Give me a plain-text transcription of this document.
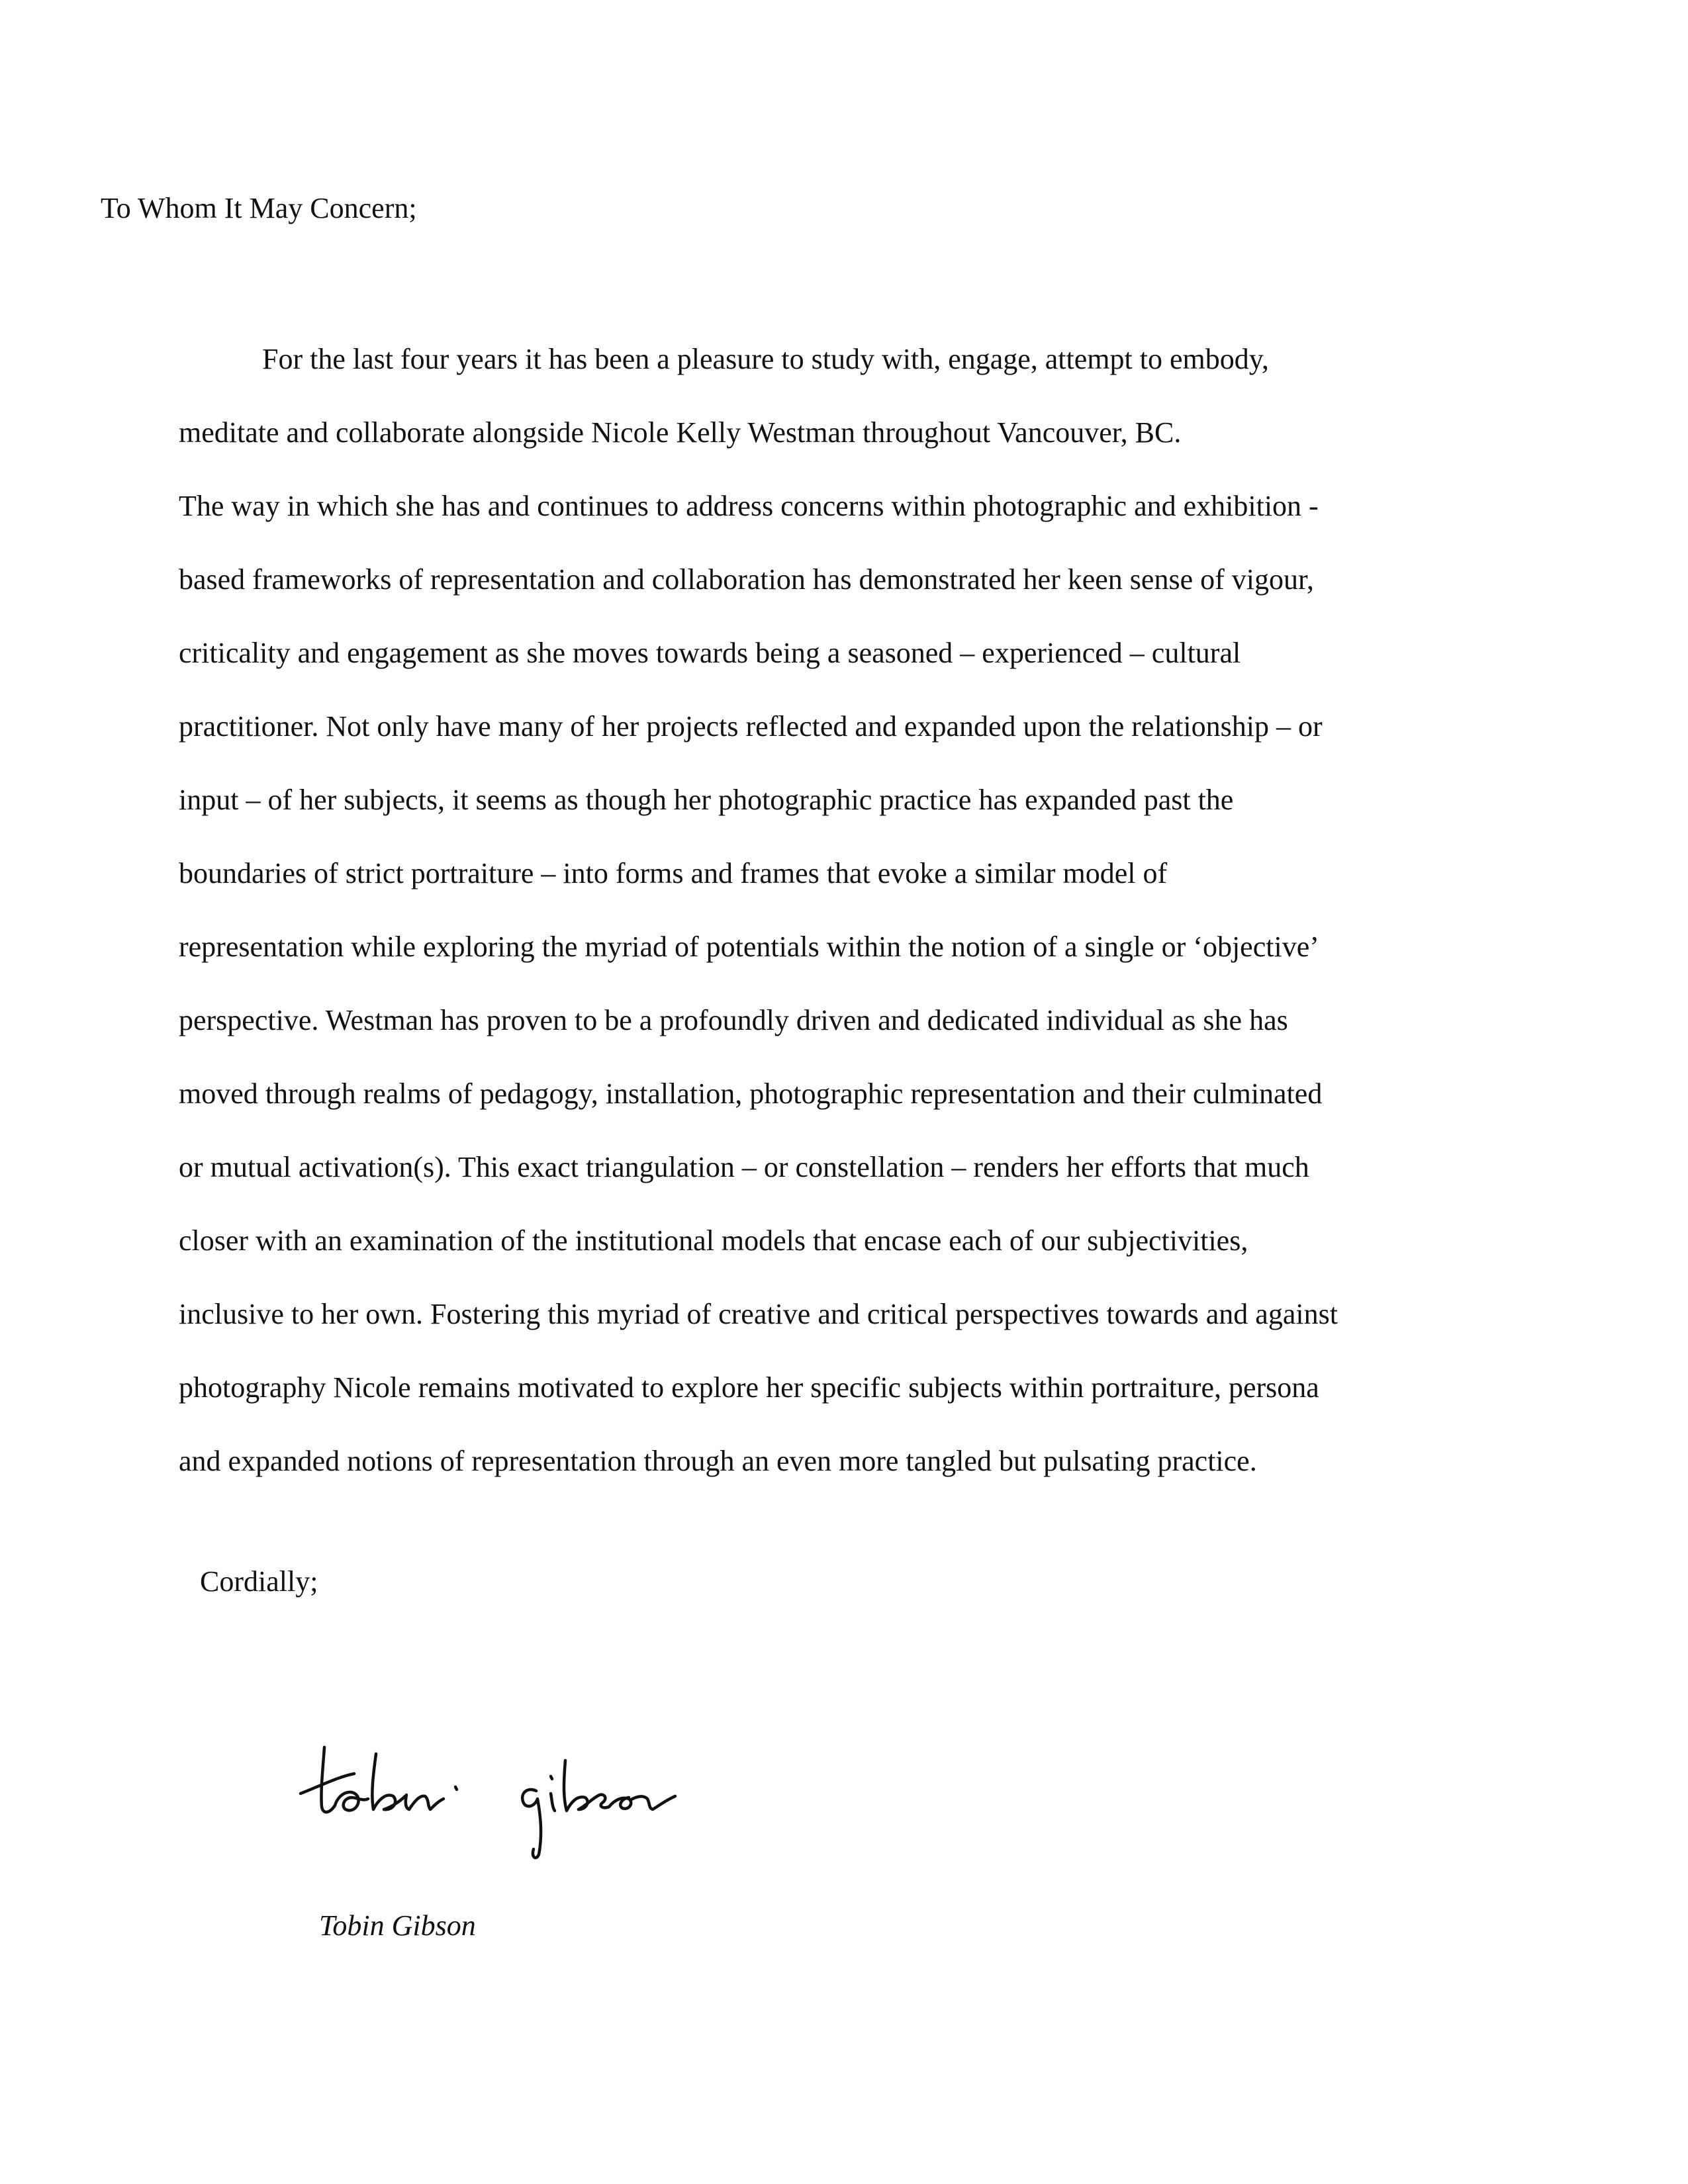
To Whom It May Concern;
For the last four years it has been a pleasure to study with, engage, attempt to embody,
meditate and collaborate alongside Nicole Kelly Westman throughout Vancouver, BC.
The way in which she has and continues to address concerns within photographic and exhibition -
based frameworks of representation and collaboration has demonstrated her keen sense of vigour,
criticality and engagement as she moves towards being a seasoned – experienced – cultural
practitioner. Not only have many of her projects reflected and expanded upon the relationship – or
input – of her subjects, it seems as though her photographic practice has expanded past the
boundaries of strict portraiture – into forms and frames that evoke a similar model of
representation while exploring the myriad of potentials within the notion of a single or ‘objective’
perspective. Westman has proven to be a profoundly driven and dedicated individual as she has
moved through realms of pedagogy, installation, photographic representation and their culminated
or mutual activation(s). This exact triangulation – or constellation – renders her efforts that much
closer with an examination of the institutional models that encase each of our subjectivities,
inclusive to her own. Fostering this myriad of creative and critical perspectives towards and against
photography Nicole remains motivated to explore her specific subjects within portraiture, persona
and expanded notions of representation through an even more tangled but pulsating practice.
Cordially;
Tobin Gibson
